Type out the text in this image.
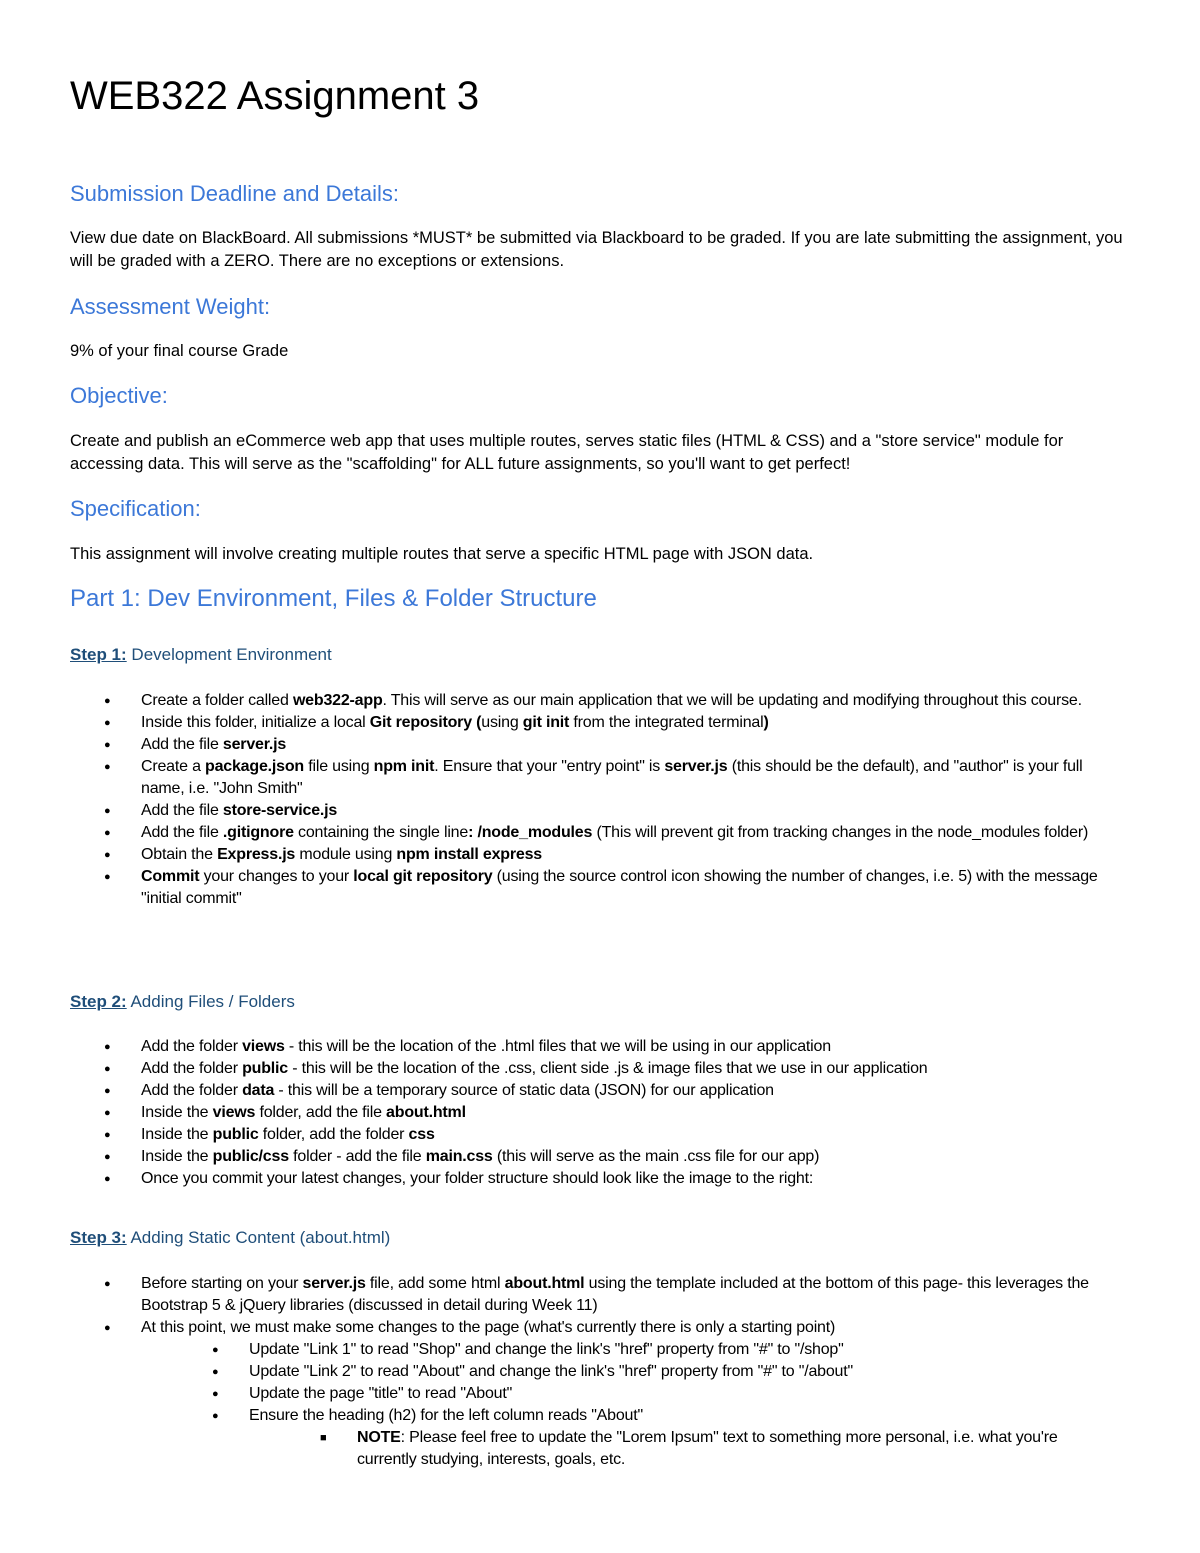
WEB322 Assignment 3
Submission Deadline and Details:

View due date on BlackBoard. All submissions *MUST* be submitted via Blackboard to be graded. If you are late submitting the assignment, you will be graded with a ZERO. There are no exceptions or extensions.

Assessment Weight:

9% of your final course Grade

Objective:

Create and publish an eCommerce web app that uses multiple routes, serves static files (HTML & CSS) and a "store service" module for accessing data. This will serve as the "scaffolding" for ALL future assignments, so you'll want to get perfect!

Specification:

This assignment will involve creating multiple routes that serve a specific HTML page with JSON data.

Part 1: Dev Environment, Files & Folder Structure

Step 1: Development Environment

● Create a folder called web322-app. This will serve as our main application that we will be updating and modifying throughout this course.
● Inside this folder, initialize a local Git repository (using git init from the integrated terminal)
● Add the file server.js
● Create a package.json file using npm init. Ensure that your "entry point" is server.js (this should be the default), and "author" is your full name, i.e. "John Smith"
● Add the file store-service.js
● Add the file .gitignore containing the single line: /node_modules (This will prevent git from tracking changes in the node_modules folder)
● Obtain the Express.js module using npm install express
● Commit your changes to your local git repository (using the source control icon showing the number of changes, i.e. 5) with the message "initial commit"

Step 2: Adding Files / Folders

● Add the folder views - this will be the location of the .html files that we will be using in our application
● Add the folder public - this will be the location of the .css, client side .js & image files that we use in our application
● Add the folder data - this will be a temporary source of static data (JSON) for our application
● Inside the views folder, add the file about.html
● Inside the public folder, add the folder css
● Inside the public/css folder - add the file main.css (this will serve as the main .css file for our app)
● Once you commit your latest changes, your folder structure should look like the image to the right:

Step 3: Adding Static Content (about.html)

● Before starting on your server.js file, add some html about.html using the template included at the bottom of this page- this leverages the Bootstrap 5 & jQuery libraries (discussed in detail during Week 11)
● At this point, we must make some changes to the page (what's currently there is only a starting point)
● Update "Link 1" to read "Shop" and change the link's "href" property from "#" to "/shop"
● Update "Link 2" to read "About" and change the link's "href" property from "#" to "/about"
● Update the page "title" to read "About"
● Ensure the heading (h2) for the left column reads "About"
■ NOTE: Please feel free to update the "Lorem Ipsum" text to something more personal, i.e. what you're currently studying, interests, goals, etc.
